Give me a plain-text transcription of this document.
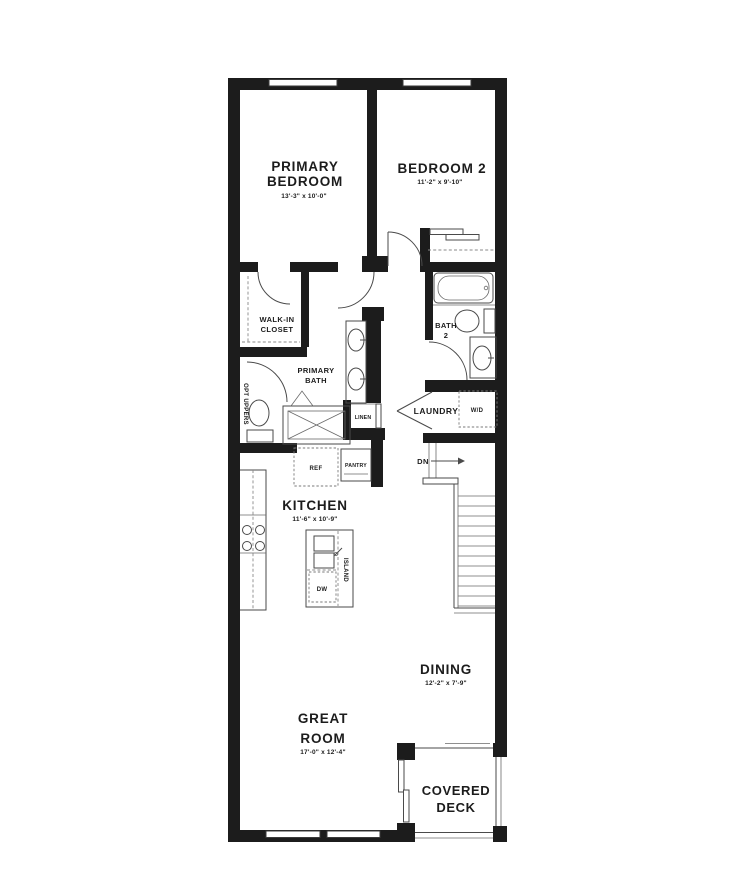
PRIMARY
BEDROOM
13'-3" x 10'-0"
BEDROOM 2
11'-2" x 9'-10"
WALK-IN
CLOSET
PRIMARY
BATH
OPT UPPERS	LINEN
BATH
2
LAUNDRY W/D
DN
KITCHEN
11'-6" x 10'-9"
REF	PANTRY
DW
ISLAND
DINING
12'-2" x 7'-9"
GREAT
ROOM
17'-0" x 12'-4"
COVERED
DECK
